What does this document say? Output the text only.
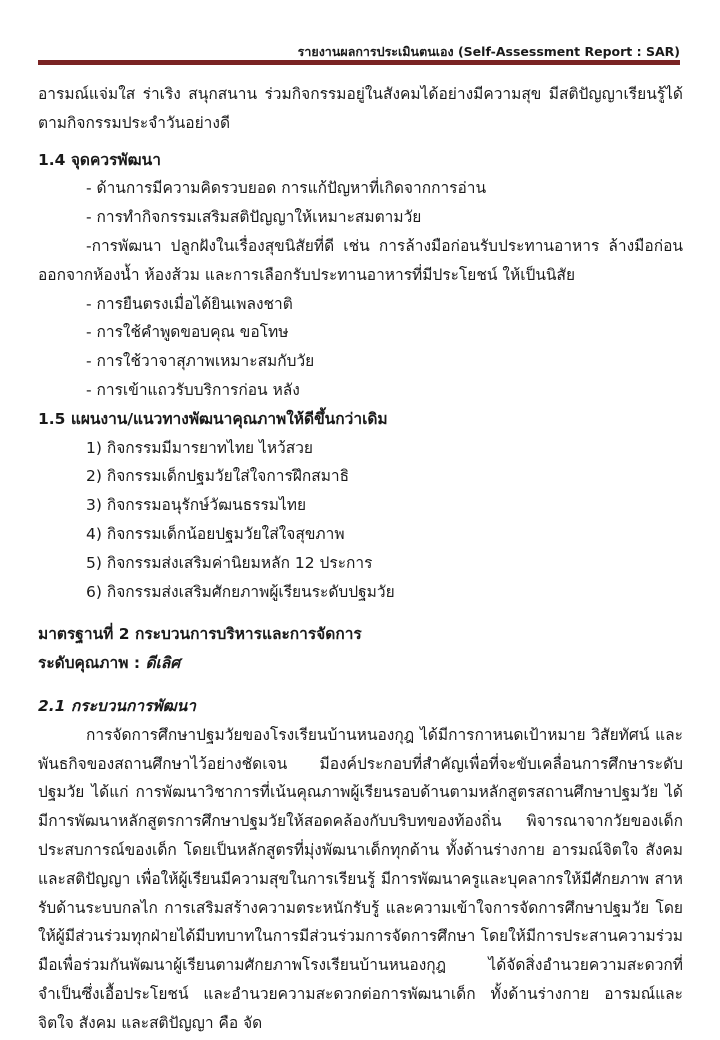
รายงานผลการประเมินตนเอง (Self-Assessment Report : SAR)
อารมณ์แจ่มใส ร่าเริง สนุกสนาน ร่วมกิจกรรมอยู่ในสังคมได้อย่างมีความสุข มีสติปัญญาเรียนรู้ได้ตามกิจกรรมประจำวันอย่างดี
1.4 จุดควรพัฒนา
- ด้านการมีความคิดรวบยอด การแก้ปัญหาที่เกิดจากการอ่าน
- การทำกิจกรรมเสริมสติปัญญาให้เหมาะสมตามวัย
-การพัฒนา ปลูกฝังในเรื่องสุขนิสัยที่ดี เช่น การล้างมือก่อนรับประทานอาหาร ล้างมือก่อนออกจากห้องน้ำ ห้องส้วม และการเลือกรับประทานอาหารที่มีประโยชน์ ให้เป็นนิสัย
- การยืนตรงเมื่อได้ยินเพลงชาติ
- การใช้คำพูดขอบคุณ ขอโทษ
- การใช้วาจาสุภาพเหมาะสมกับวัย
- การเข้าแถวรับบริการก่อน หลัง
1.5 แผนงาน/แนวทางพัฒนาคุณภาพให้ดีขึ้นกว่าเดิม
1) กิจกรรมมีมารยาทไทย ไหว้สวย
2) กิจกรรมเด็กปฐมวัยใส่ใจการฝึกสมาธิ
3) กิจกรรมอนุรักษ์วัฒนธรรมไทย
4) กิจกรรมเด็กน้อยปฐมวัยใส่ใจสุขภาพ
5) กิจกรรมส่งเสริมค่านิยมหลัก 12 ประการ
6) กิจกรรมส่งเสริมศักยภาพผู้เรียนระดับปฐมวัย
มาตรฐานที่ 2 กระบวนการบริหารและการจัดการ
ระดับคุณภาพ : ดีเลิศ
2.1 กระบวนการพัฒนา
การจัดการศึกษาปฐมวัยของโรงเรียนบ้านหนองกุฎ ได้มีการกาหนดเป้าหมาย วิสัยทัศน์ และพันธกิจของสถานศึกษาไว้อย่างชัดเจน มีองค์ประกอบที่สำคัญเพื่อที่จะขับเคลื่อนการศึกษาระดับปฐมวัย ได้แก่ การพัฒนาวิชาการที่เน้นคุณภาพผู้เรียนรอบด้านตามหลักสูตรสถานศึกษาปฐมวัย ได้มีการพัฒนาหลักสูตรการศึกษาปฐมวัยให้สอดคล้องกับบริบทของท้องถิ่น พิจารณาจากวัยของเด็ก ประสบการณ์ของเด็ก โดยเป็นหลักสูตรที่มุ่งพัฒนาเด็กทุกด้าน ทั้งด้านร่างกาย อารมณ์จิตใจ สังคม และสติปัญญา เพื่อให้ผู้เรียนมีความสุขในการเรียนรู้ มีการพัฒนาครูและบุคลากรให้มีศักยภาพ สาหรับด้านระบบกลไก การเสริมสร้างความตระหนักรับรู้ และความเข้าใจการจัดการศึกษาปฐมวัย โดยให้ผู้มีส่วนร่วมทุกฝ่ายได้มีบทบาทในการมีส่วนร่วมการจัดการศึกษา โดยให้มีการประสานความร่วมมือเพื่อร่วมกันพัฒนาผู้เรียนตามศักยภาพโรงเรียนบ้านหนองกุฎ ได้จัดสิ่งอำนวยความสะดวกที่จำเป็นซึ่งเอื้อประโยชน์ และอำนวยความสะดวกต่อการพัฒนาเด็ก ทั้งด้านร่างกาย อารมณ์และจิตใจ สังคม และสติปัญญา คือ จัด
